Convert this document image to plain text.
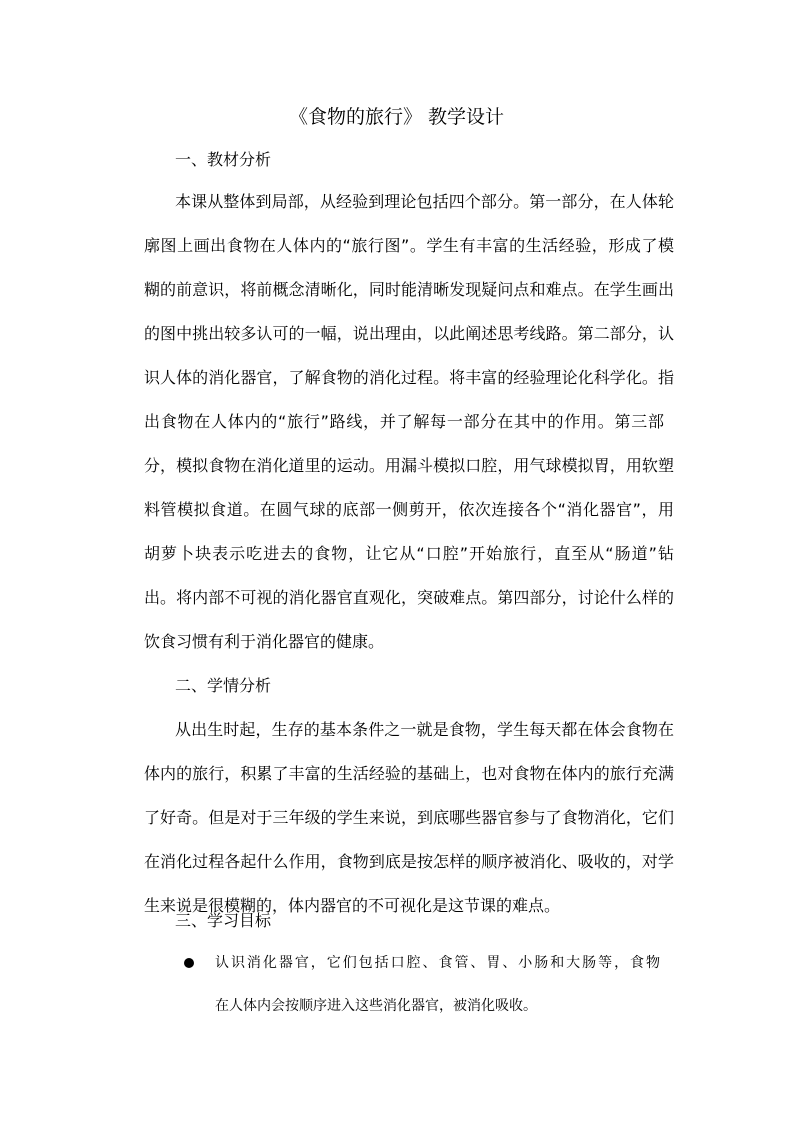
《食物的旅行》 教学设计
一、教材分析
本课从整体到局部，从经验到理论包括四个部分。第一部分，在人体轮
廓图上画出食物在人体内的“旅行图”。学生有丰富的生活经验，形成了模
糊的前意识，将前概念清晰化，同时能清晰发现疑问点和难点。在学生画出
的图中挑出较多认可的一幅，说出理由，以此阐述思考线路。第二部分，认
识人体的消化器官，了解食物的消化过程。将丰富的经验理论化科学化。指
出食物在人体内的“旅行”路线，并了解每一部分在其中的作用。第三部
分，模拟食物在消化道里的运动。用漏斗模拟口腔，用气球模拟胃，用软塑
料管模拟食道。在圆气球的底部一侧剪开，依次连接各个“消化器官”，用
胡萝卜块表示吃进去的食物，让它从“口腔”开始旅行，直至从“肠道”钻
出。将内部不可视的消化器官直观化，突破难点。第四部分，讨论什么样的
饮食习惯有利于消化器官的健康。
二、学情分析
从出生时起，生存的基本条件之一就是食物，学生每天都在体会食物在
体内的旅行，积累了丰富的生活经验的基础上，也对食物在体内的旅行充满
了好奇。但是对于三年级的学生来说，到底哪些器官参与了食物消化，它们
在消化过程各起什么作用，食物到底是按怎样的顺序被消化、吸收的，对学
生来说是很模糊的，体内器官的不可视化是这节课的难点。
三、学习目标
认识消化器官，它们包括口腔、食管、胃、小肠和大肠等，食物
在人体内会按顺序进入这些消化器官，被消化吸收。
